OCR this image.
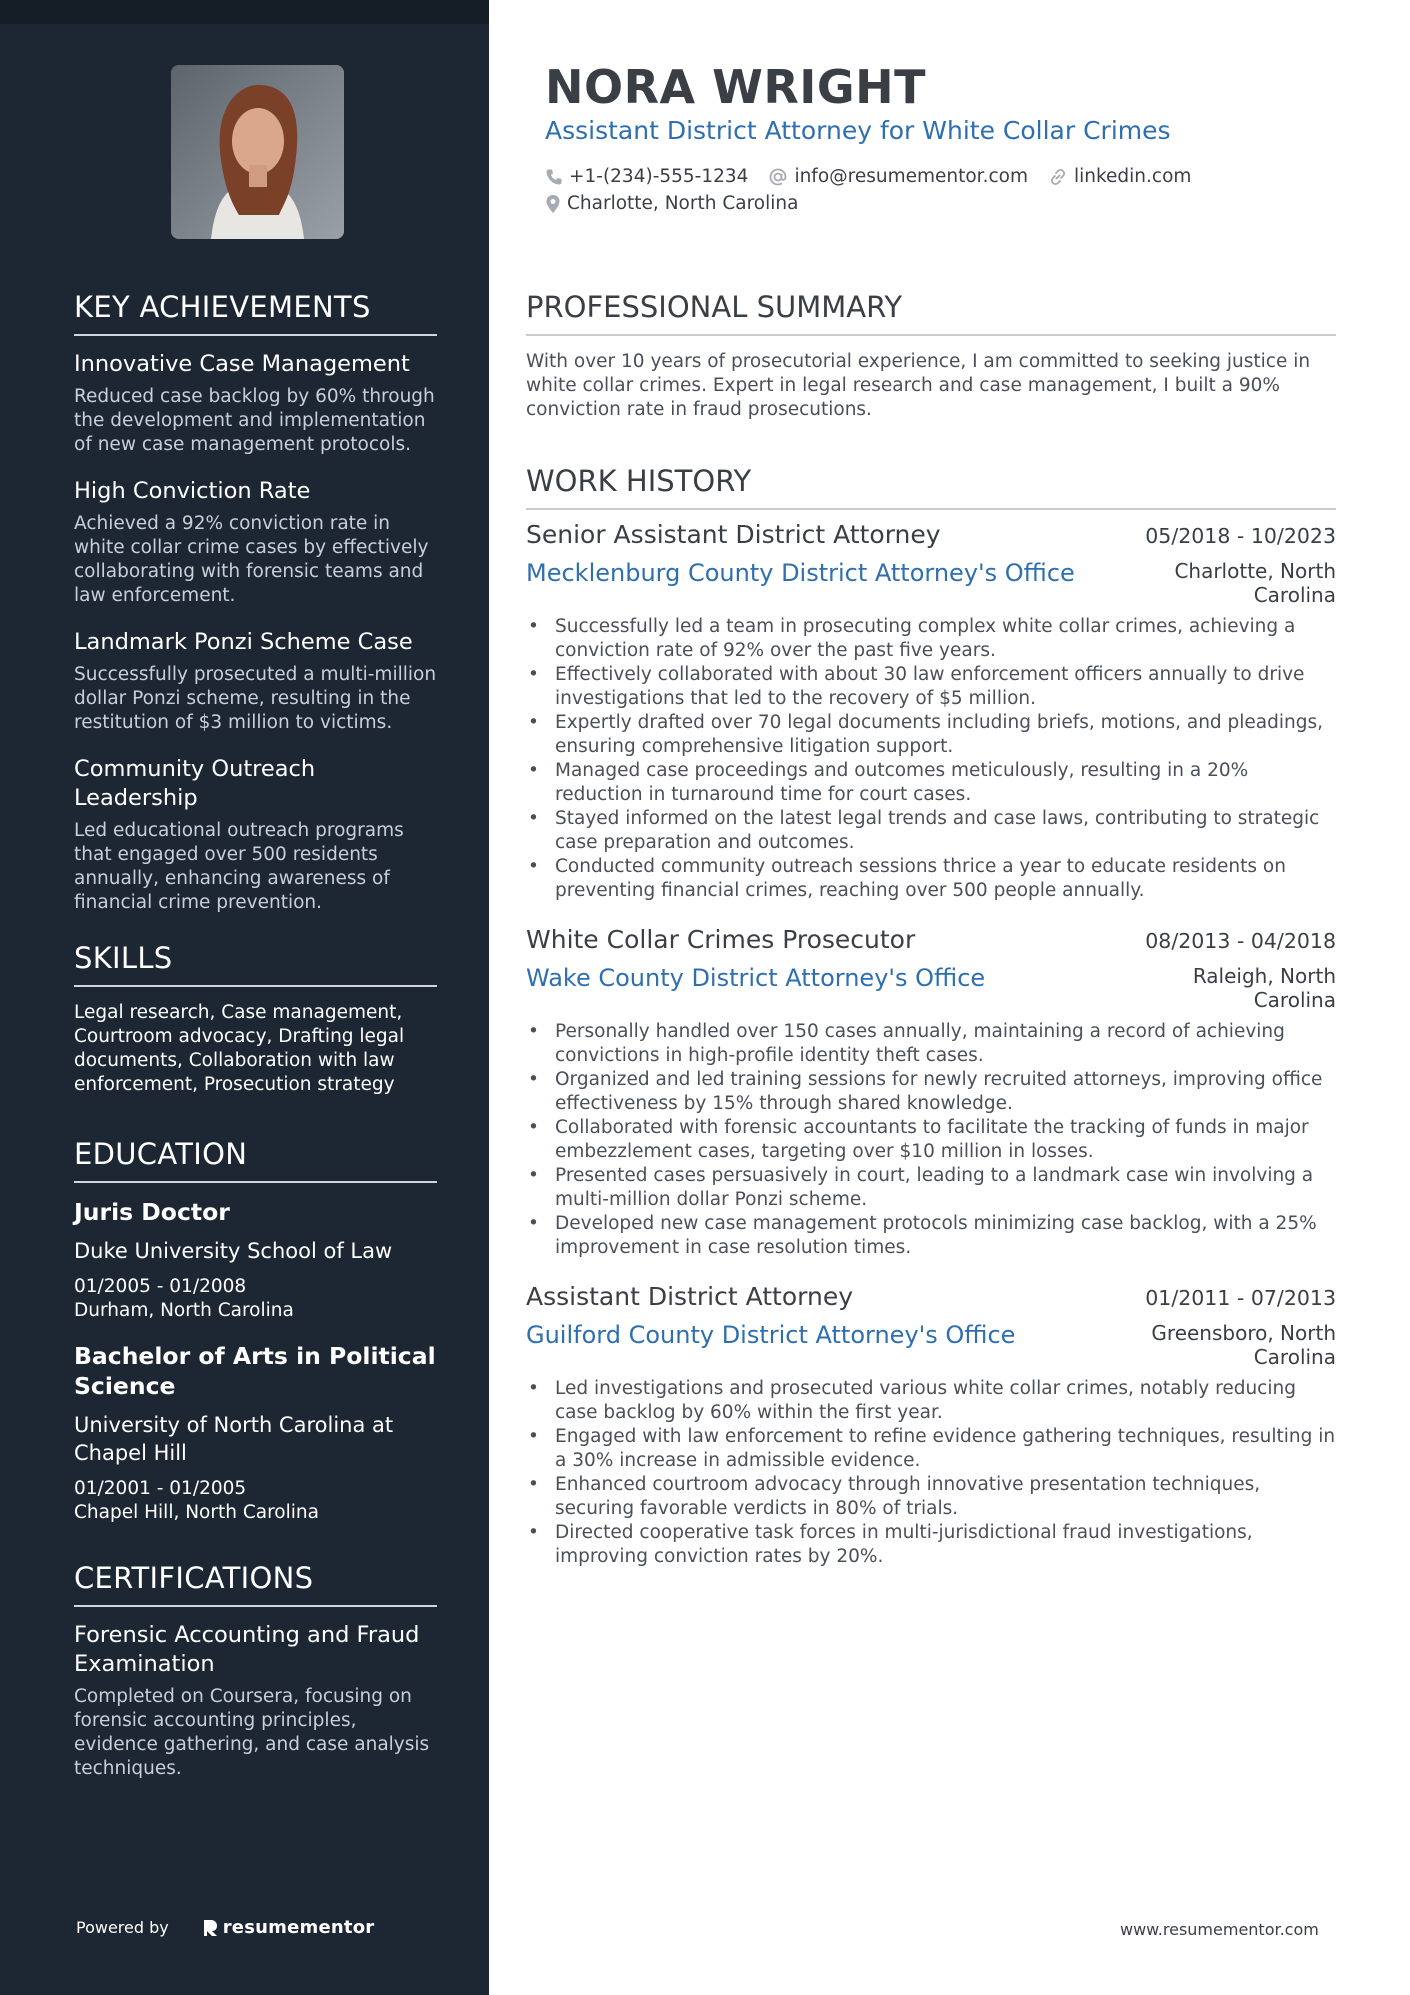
KEY ACHIEVEMENTS
Innovative Case Management
Reduced case backlog by 60% through the development and implementation of new case management protocols.
High Conviction Rate
Achieved a 92% conviction rate in white collar crime cases by effectively collaborating with forensic teams and law enforcement.
Landmark Ponzi Scheme Case
Successfully prosecuted a multi-million dollar Ponzi scheme, resulting in the restitution of $3 million to victims.
Community Outreach Leadership
Led educational outreach programs that engaged over 500 residents annually, enhancing awareness of financial crime prevention.
SKILLS
Legal research, Case management, Courtroom advocacy, Drafting legal documents, Collaboration with law enforcement, Prosecution strategy
EDUCATION
Juris Doctor
Duke University School of Law
01/2005 - 01/2008
Durham, North Carolina
Bachelor of Arts in Political Science
University of North Carolina at Chapel Hill
01/2001 - 01/2005
Chapel Hill, North Carolina
CERTIFICATIONS
Forensic Accounting and Fraud Examination
Completed on Coursera, focusing on forensic accounting principles, evidence gathering, and case analysis techniques.
Powered by	resumementor
NORA WRIGHT
Assistant District Attorney for White Collar Crimes
+1-(234)-555-1234 info@resumementor.com linkedin.com
Charlotte, North Carolina
PROFESSIONAL SUMMARY
With over 10 years of prosecutorial experience, I am committed to seeking justice in white collar crimes. Expert in legal research and case management, I built a 90% conviction rate in fraud prosecutions.
WORK HISTORY
Senior Assistant District Attorney	05/2018 - 10/2023
Mecklenburg County District Attorney's Office	Charlotte, North Carolina
• Successfully led a team in prosecuting complex white collar crimes, achieving a conviction rate of 92% over the past five years.
• Effectively collaborated with about 30 law enforcement officers annually to drive investigations that led to the recovery of $5 million.
• Expertly drafted over 70 legal documents including briefs, motions, and pleadings, ensuring comprehensive litigation support.
• Managed case proceedings and outcomes meticulously, resulting in a 20% reduction in turnaround time for court cases.
• Stayed informed on the latest legal trends and case laws, contributing to strategic case preparation and outcomes.
• Conducted community outreach sessions thrice a year to educate residents on preventing financial crimes, reaching over 500 people annually.
White Collar Crimes Prosecutor	08/2013 - 04/2018
Wake County District Attorney's Office	Raleigh, North Carolina
• Personally handled over 150 cases annually, maintaining a record of achieving convictions in high-profile identity theft cases.
• Organized and led training sessions for newly recruited attorneys, improving office effectiveness by 15% through shared knowledge.
• Collaborated with forensic accountants to facilitate the tracking of funds in major embezzlement cases, targeting over $10 million in losses.
• Presented cases persuasively in court, leading to a landmark case win involving a multi-million dollar Ponzi scheme.
• Developed new case management protocols minimizing case backlog, with a 25% improvement in case resolution times.
Assistant District Attorney	01/2011 - 07/2013
Guilford County District Attorney's Office	Greensboro, North Carolina
• Led investigations and prosecuted various white collar crimes, notably reducing case backlog by 60% within the first year.
• Engaged with law enforcement to refine evidence gathering techniques, resulting in a 30% increase in admissible evidence.
• Enhanced courtroom advocacy through innovative presentation techniques, securing favorable verdicts in 80% of trials.
• Directed cooperative task forces in multi-jurisdictional fraud investigations, improving conviction rates by 20%.
www.resumementor.com
